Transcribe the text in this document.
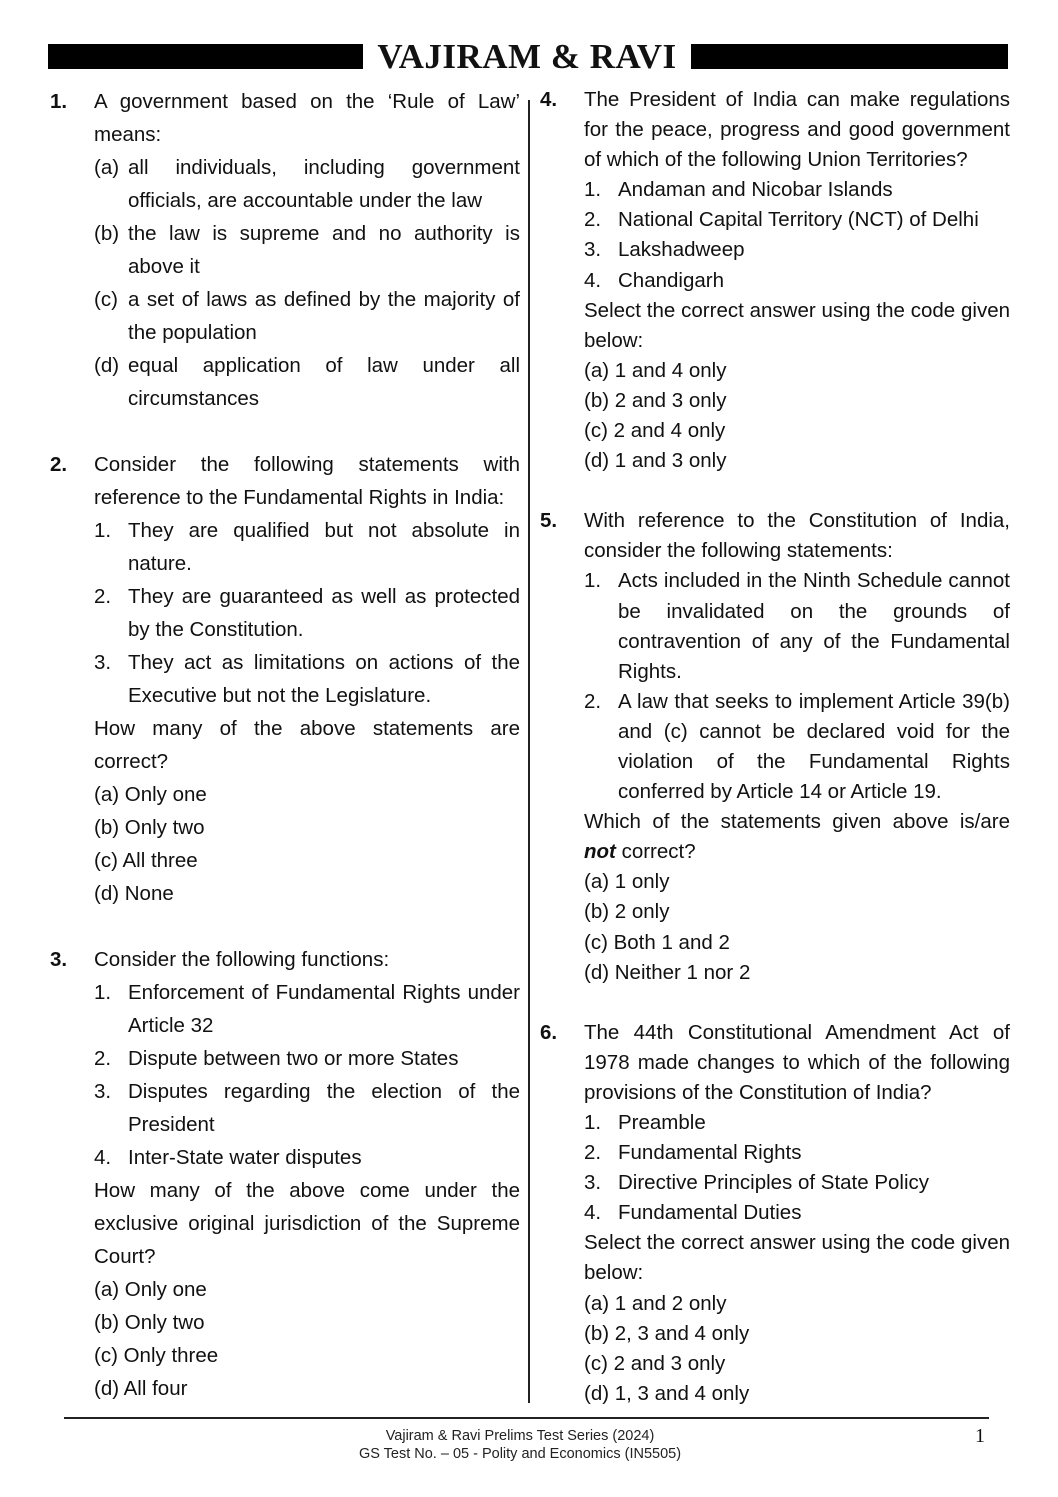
VAJIRAM & RAVI
1. A government based on the ‘Rule of Law’ means:
(a) all individuals, including government officials, are accountable under the law
(b) the law is supreme and no authority is above it
(c) a set of laws as defined by the majority of the population
(d) equal application of law under all circumstances
2. Consider the following statements with reference to the Fundamental Rights in India:
1. They are qualified but not absolute in nature.
2. They are guaranteed as well as protected by the Constitution.
3. They act as limitations on actions of the Executive but not the Legislature.
How many of the above statements are correct?
(a) Only one
(b) Only two
(c) All three
(d) None
3. Consider the following functions:
1. Enforcement of Fundamental Rights under Article 32
2. Dispute between two or more States
3. Disputes regarding the election of the President
4. Inter-State water disputes
How many of the above come under the exclusive original jurisdiction of the Supreme Court?
(a) Only one
(b) Only two
(c) Only three
(d) All four
4. The President of India can make regulations for the peace, progress and good government of which of the following Union Territories?
1. Andaman and Nicobar Islands
2. National Capital Territory (NCT) of Delhi
3. Lakshadweep
4. Chandigarh
Select the correct answer using the code given below:
(a) 1 and 4 only
(b) 2 and 3 only
(c) 2 and 4 only
(d) 1 and 3 only
5. With reference to the Constitution of India, consider the following statements:
1. Acts included in the Ninth Schedule cannot be invalidated on the grounds of contravention of any of the Fundamental Rights.
2. A law that seeks to implement Article 39(b) and (c) cannot be declared void for the violation of the Fundamental Rights conferred by Article 14 or Article 19.
Which of the statements given above is/are not correct?
(a) 1 only
(b) 2 only
(c) Both 1 and 2
(d) Neither 1 nor 2
6. The 44th Constitutional Amendment Act of 1978 made changes to which of the following provisions of the Constitution of India?
1. Preamble
2. Fundamental Rights
3. Directive Principles of State Policy
4. Fundamental Duties
Select the correct answer using the code given below:
(a) 1 and 2 only
(b) 2, 3 and 4 only
(c) 2 and 3 only
(d) 1, 3 and 4 only
Vajiram & Ravi Prelims Test Series (2024)
GS Test No. – 05 - Polity and Economics (IN5505)
1
